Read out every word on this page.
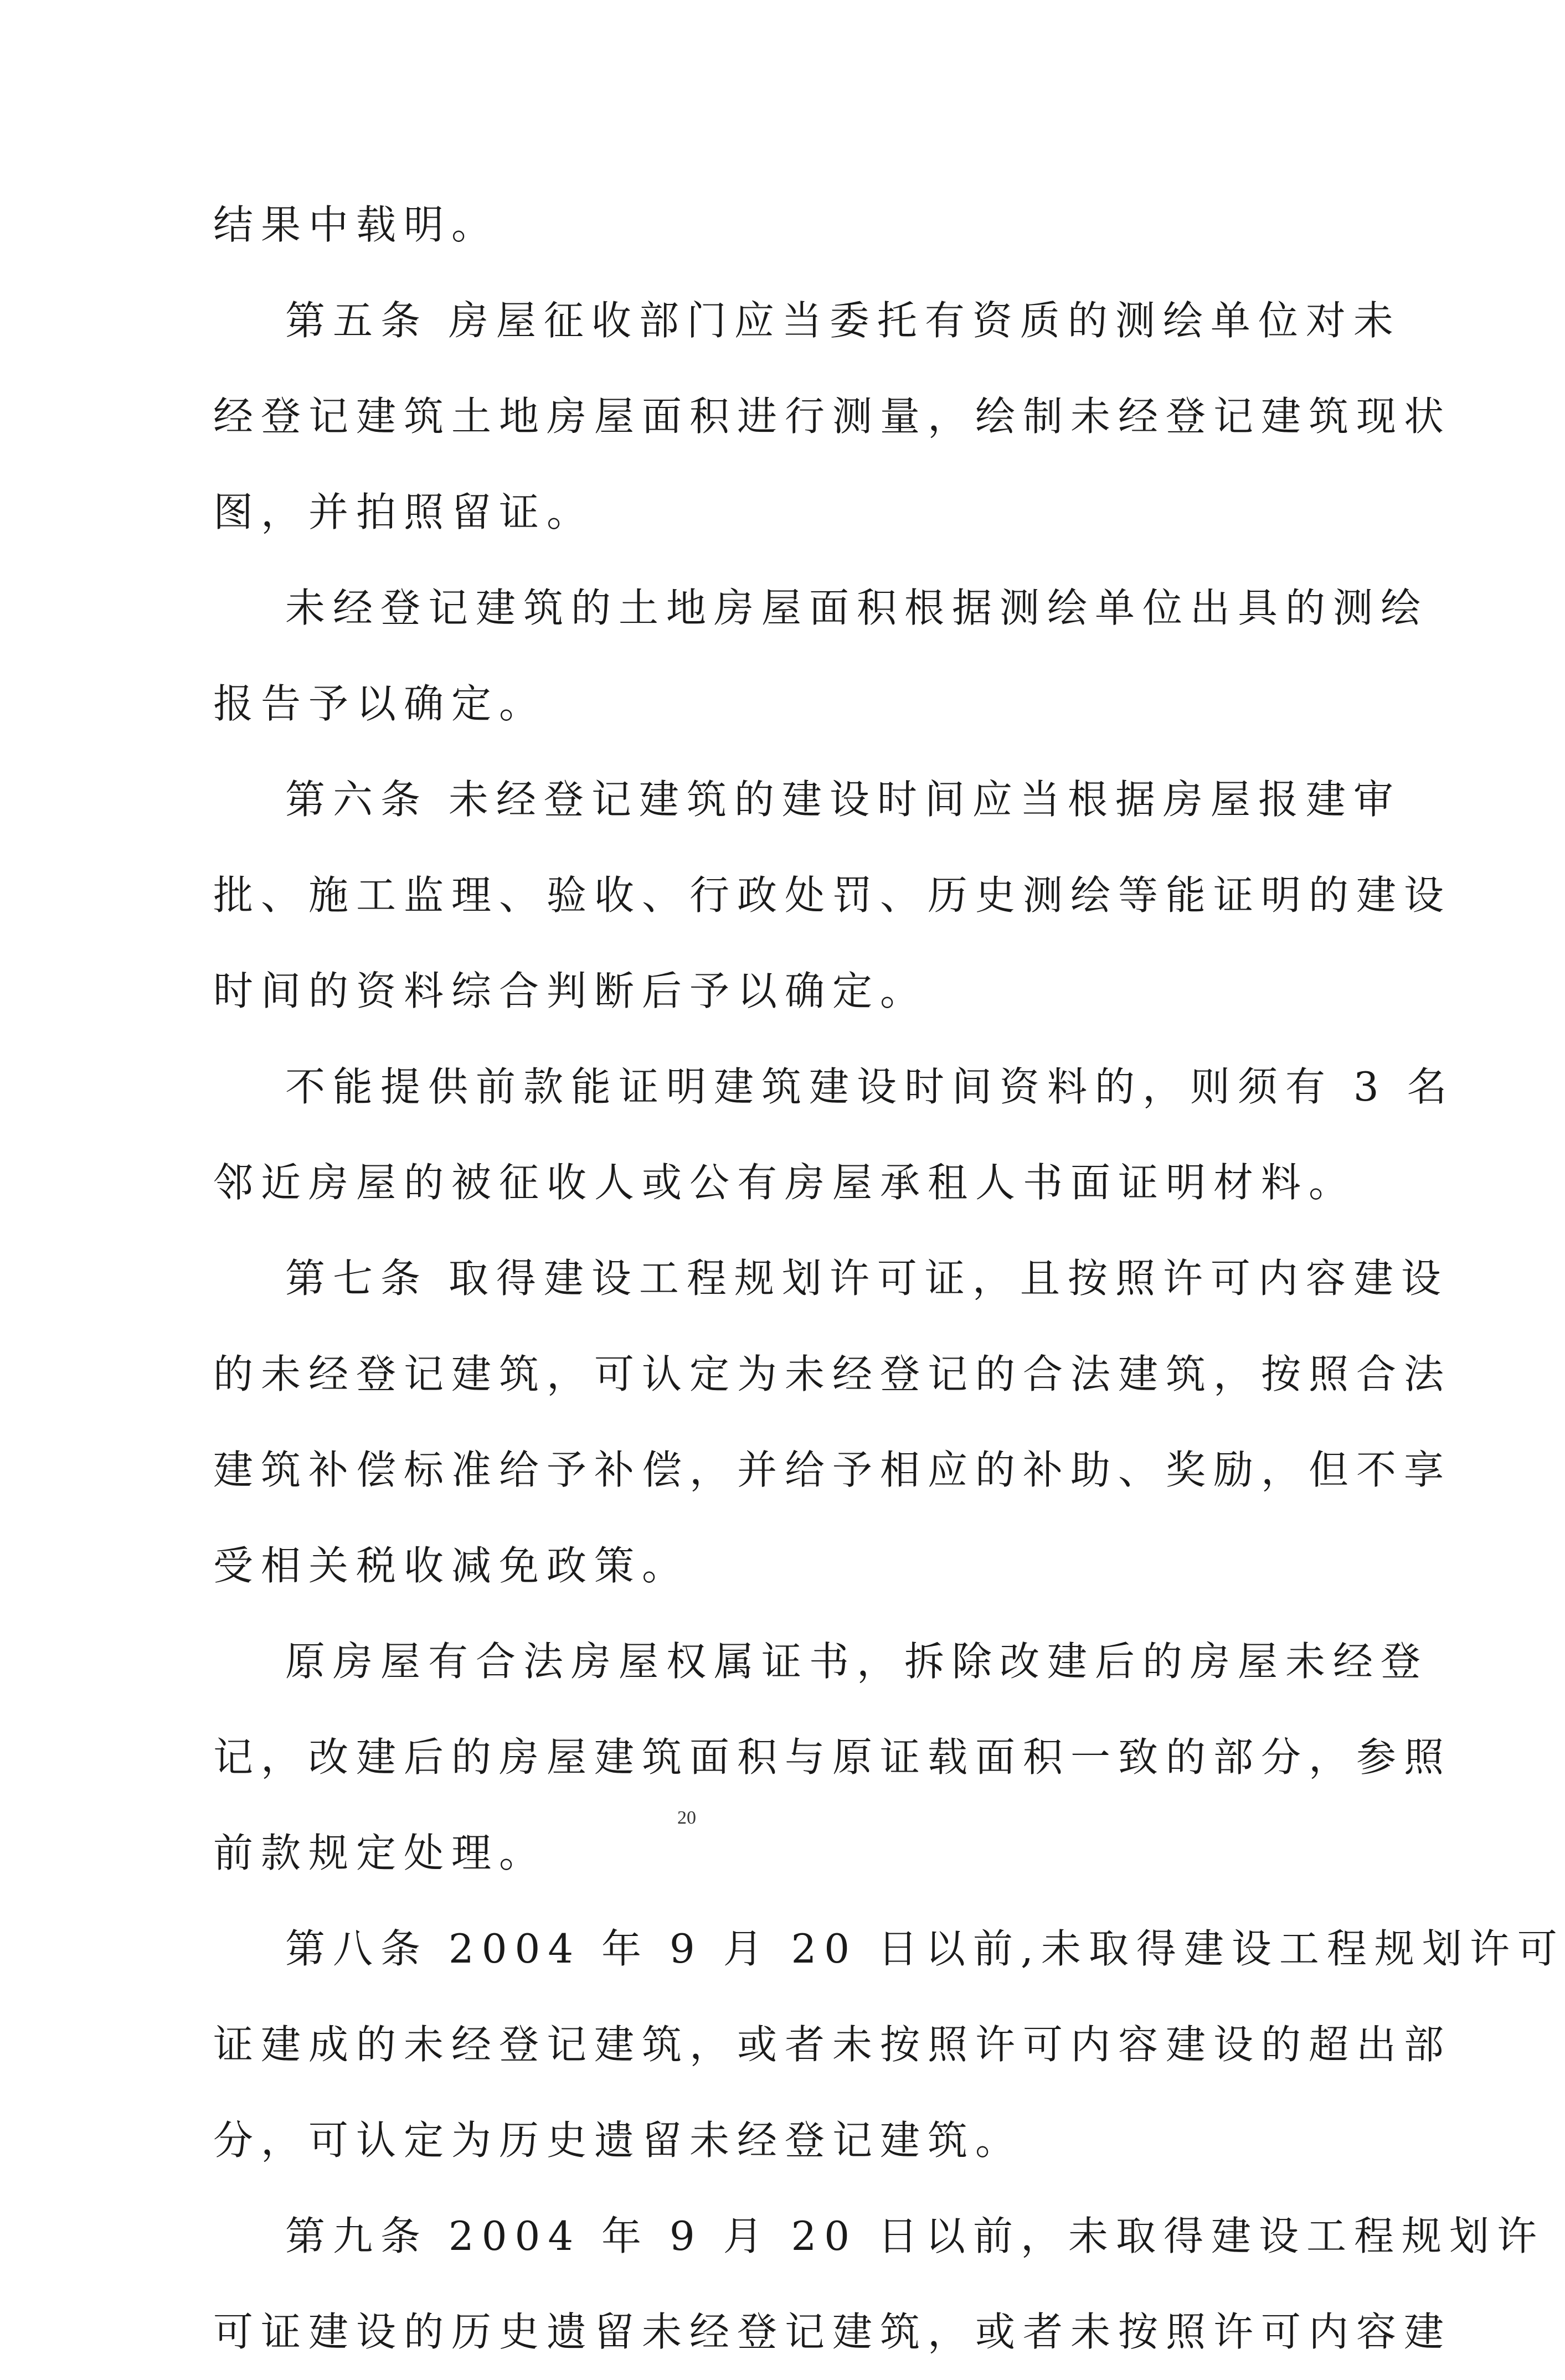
结果中载明。
第五条 房屋征收部门应当委托有资质的测绘单位对未
经登记建筑土地房屋面积进行测量，绘制未经登记建筑现状
图，并拍照留证。
未经登记建筑的土地房屋面积根据测绘单位出具的测绘
报告予以确定。
第六条 未经登记建筑的建设时间应当根据房屋报建审
批、施工监理、验收、行政处罚、历史测绘等能证明的建设
时间的资料综合判断后予以确定。
不能提供前款能证明建筑建设时间资料的，则须有 3 名
邻近房屋的被征收人或公有房屋承租人书面证明材料。
第七条 取得建设工程规划许可证，且按照许可内容建设
的未经登记建筑，可认定为未经登记的合法建筑，按照合法
建筑补偿标准给予补偿，并给予相应的补助、奖励，但不享
受相关税收减免政策。
原房屋有合法房屋权属证书，拆除改建后的房屋未经登
记，改建后的房屋建筑面积与原证载面积一致的部分，参照
前款规定处理。
第八条 2004 年 9 月 20 日以前,未取得建设工程规划许可
证建成的未经登记建筑，或者未按照许可内容建设的超出部
分，可认定为历史遗留未经登记建筑。
第九条 2004 年 9 月 20 日以前，未取得建设工程规划许
可证建设的历史遗留未经登记建筑，或者未按照许可内容建
20
